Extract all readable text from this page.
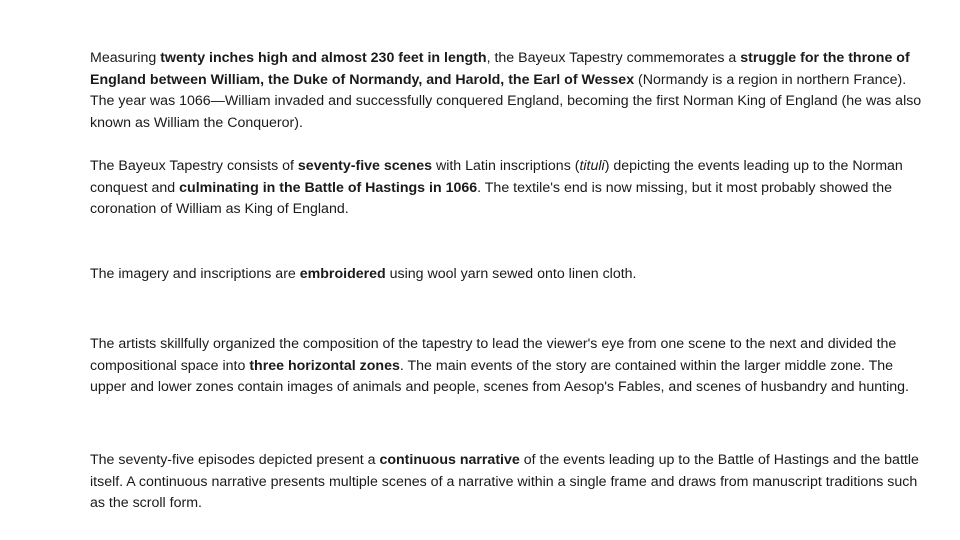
Measuring twenty inches high and almost 230 feet in length, the Bayeux Tapestry commemorates a struggle for the throne of England between William, the Duke of Normandy, and Harold, the Earl of Wessex (Normandy is a region in northern France). The year was 1066—William invaded and successfully conquered England, becoming the first Norman King of England (he was also known as William the Conqueror).

The Bayeux Tapestry consists of seventy-five scenes with Latin inscriptions (tituli) depicting the events leading up to the Norman conquest and culminating in the Battle of Hastings in 1066. The textile's end is now missing, but it most probably showed the coronation of William as King of England.

The imagery and inscriptions are embroidered using wool yarn sewed onto linen cloth.

The artists skillfully organized the composition of the tapestry to lead the viewer's eye from one scene to the next and divided the compositional space into three horizontal zones. The main events of the story are contained within the larger middle zone. The upper and lower zones contain images of animals and people, scenes from Aesop's Fables, and scenes of husbandry and hunting.

The seventy-five episodes depicted present a continuous narrative of the events leading up to the Battle of Hastings and the battle itself. A continuous narrative presents multiple scenes of a narrative within a single frame and draws from manuscript traditions such as the scroll form.
